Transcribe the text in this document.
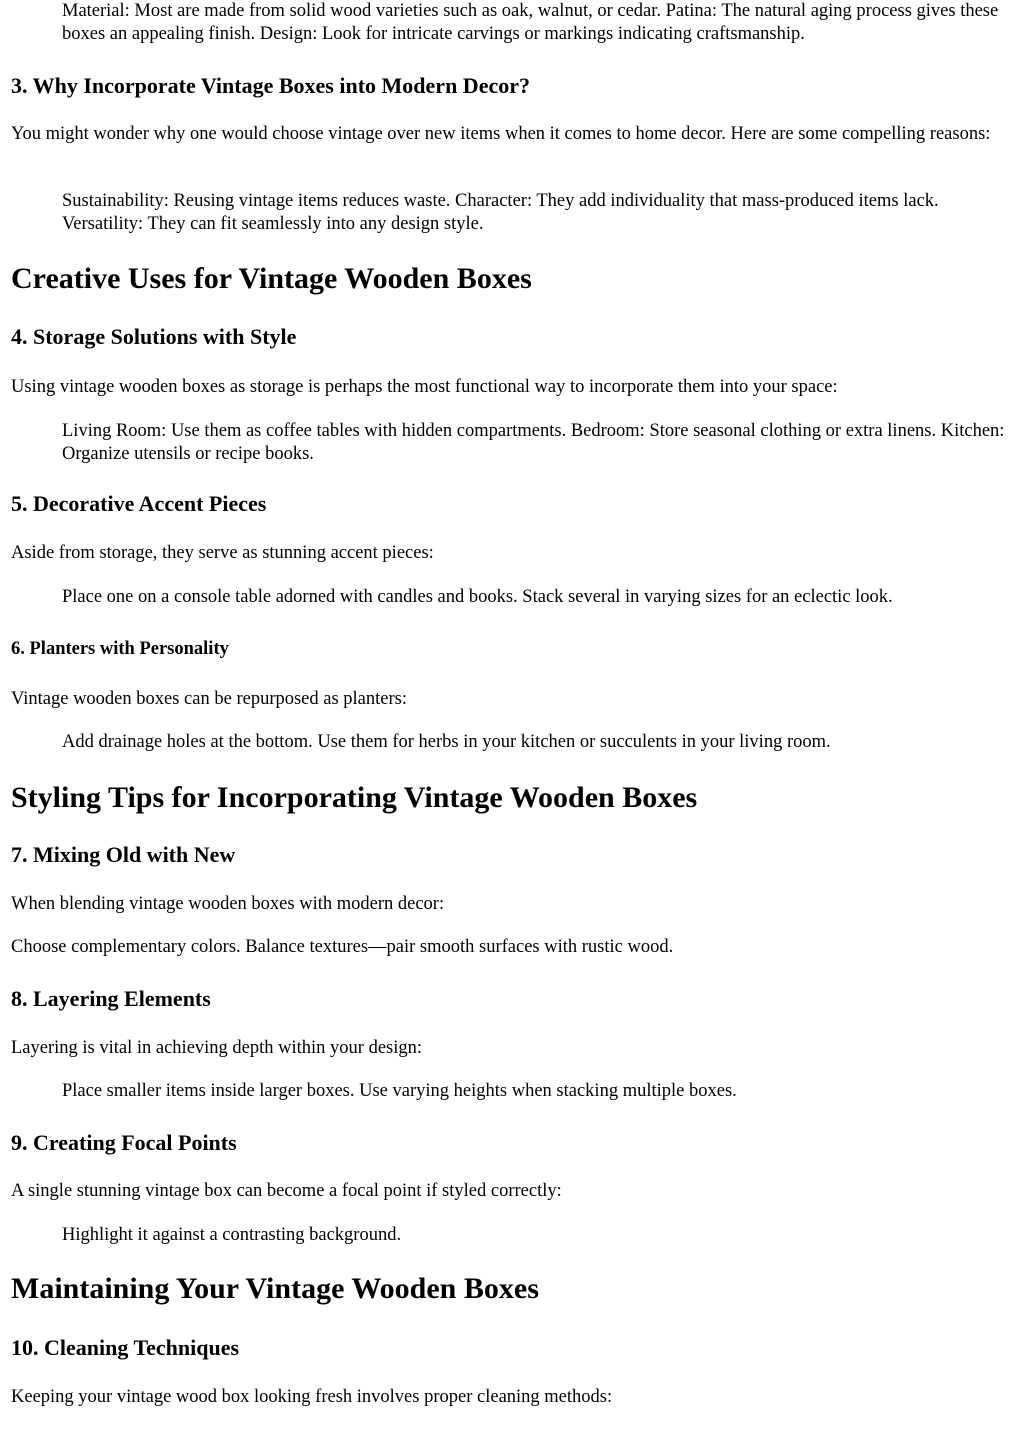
Material: Most are made from solid wood varieties such as oak, walnut, or cedar. Patina: The natural aging process gives these boxes an appealing finish. Design: Look for intricate carvings or markings indicating craftsmanship.
3. Why Incorporate Vintage Boxes into Modern Decor?
You might wonder why one would choose vintage over new items when it comes to home decor. Here are some compelling reasons:
Sustainability: Reusing vintage items reduces waste. Character: They add individuality that mass-produced items lack. Versatility: They can fit seamlessly into any design style.
Creative Uses for Vintage Wooden Boxes
4. Storage Solutions with Style
Using vintage wooden boxes as storage is perhaps the most functional way to incorporate them into your space:
Living Room: Use them as coffee tables with hidden compartments. Bedroom: Store seasonal clothing or extra linens. Kitchen: Organize utensils or recipe books.
5. Decorative Accent Pieces
Aside from storage, they serve as stunning accent pieces:
Place one on a console table adorned with candles and books. Stack several in varying sizes for an eclectic look.
6. Planters with Personality
Vintage wooden boxes can be repurposed as planters:
Add drainage holes at the bottom. Use them for herbs in your kitchen or succulents in your living room.
Styling Tips for Incorporating Vintage Wooden Boxes
7. Mixing Old with New
When blending vintage wooden boxes with modern decor:
Choose complementary colors. Balance textures—pair smooth surfaces with rustic wood.
8. Layering Elements
Layering is vital in achieving depth within your design:
Place smaller items inside larger boxes. Use varying heights when stacking multiple boxes.
9. Creating Focal Points
A single stunning vintage box can become a focal point if styled correctly:
Highlight it against a contrasting background.
Maintaining Your Vintage Wooden Boxes
10. Cleaning Techniques
Keeping your vintage wood box looking fresh involves proper cleaning methods:
